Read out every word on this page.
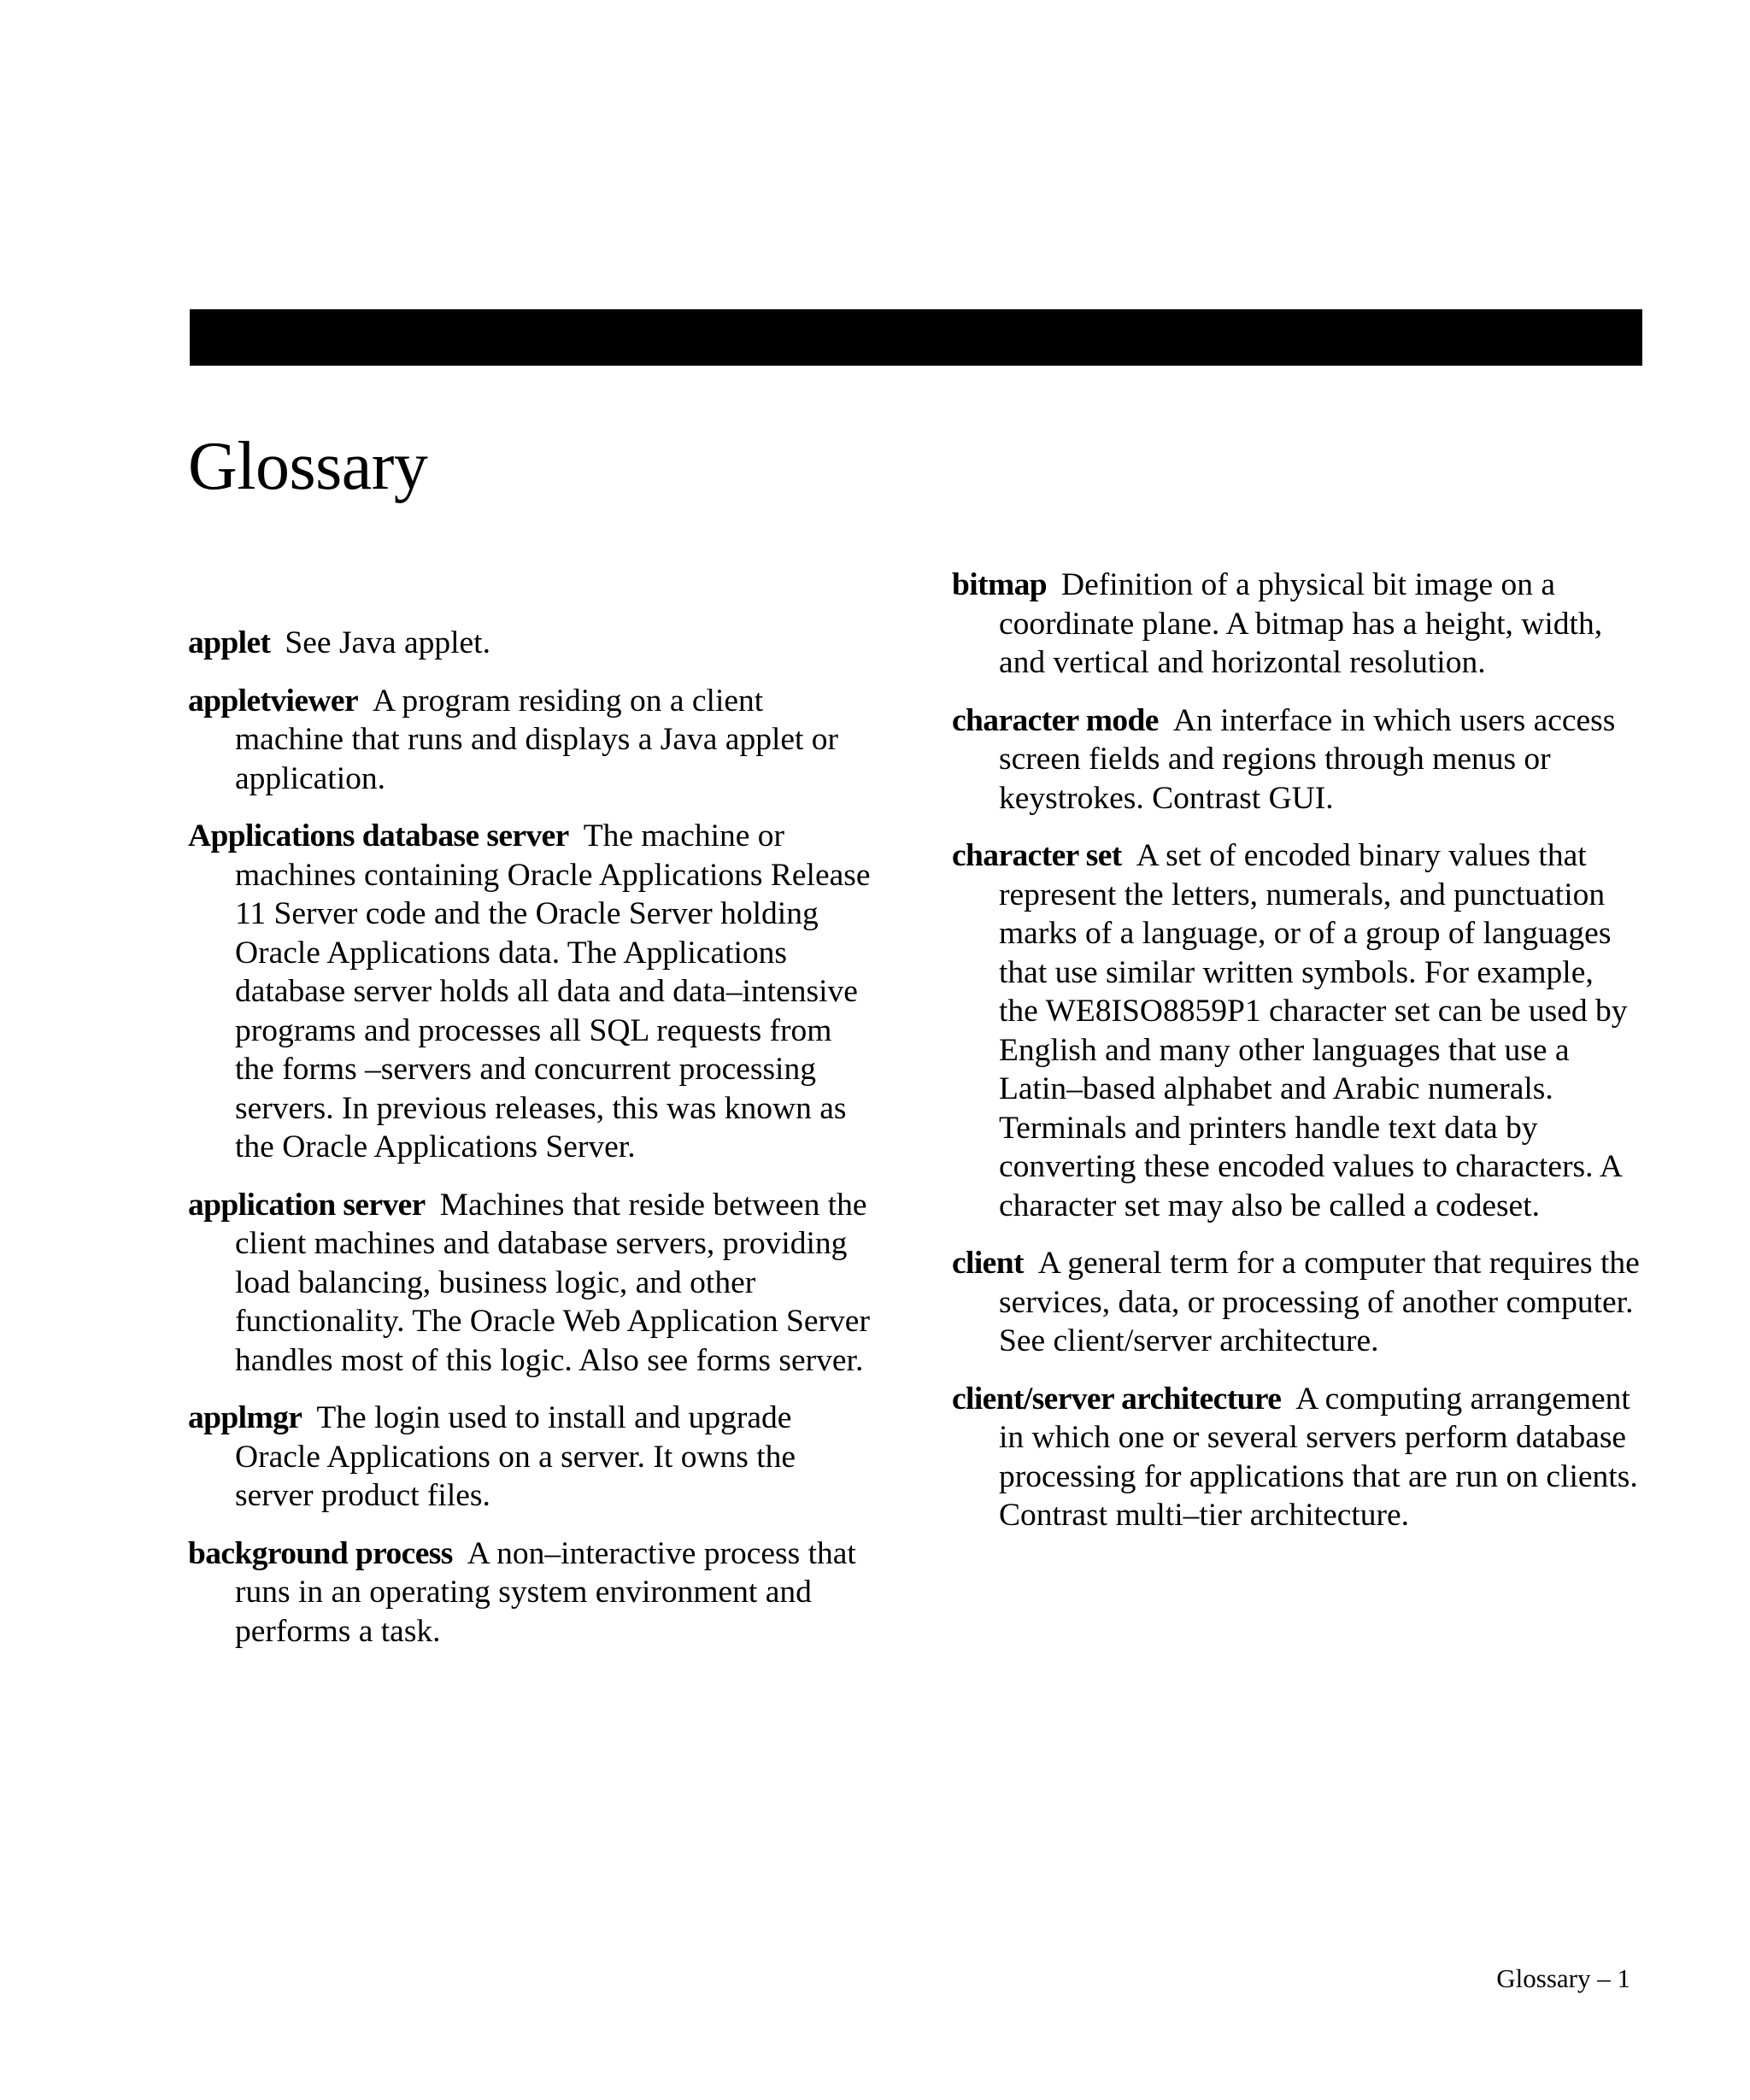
Glossary

applet See Java applet.

appletviewer A program residing on a client machine that runs and displays a Java applet or application.

Applications database server The machine or machines containing Oracle Applications Release 11 Server code and the Oracle Server holding Oracle Applications data. The Applications database server holds all data and data–intensive programs and processes all SQL requests from the forms –servers and concurrent processing servers. In previous releases, this was known as the Oracle Applications Server.

application server Machines that reside between the client machines and database servers, providing load balancing, business logic, and other functionality. The Oracle Web Application Server handles most of this logic. Also see forms server.

applmgr The login used to install and upgrade Oracle Applications on a server. It owns the server product files.

background process A non–interactive process that runs in an operating system environment and performs a task.

bitmap Definition of a physical bit image on a coordinate plane. A bitmap has a height, width, and vertical and horizontal resolution.

character mode An interface in which users access screen fields and regions through menus or keystrokes. Contrast GUI.

character set A set of encoded binary values that represent the letters, numerals, and punctuation marks of a language, or of a group of languages that use similar written symbols. For example, the WE8ISO8859P1 character set can be used by English and many other languages that use a Latin–based alphabet and Arabic numerals. Terminals and printers handle text data by converting these encoded values to characters. A character set may also be called a codeset.

client A general term for a computer that requires the services, data, or processing of another computer. See client/server architecture.

client/server architecture A computing arrangement in which one or several servers perform database processing for applications that are run on clients. Contrast multi–tier architecture.

Glossary – 1
